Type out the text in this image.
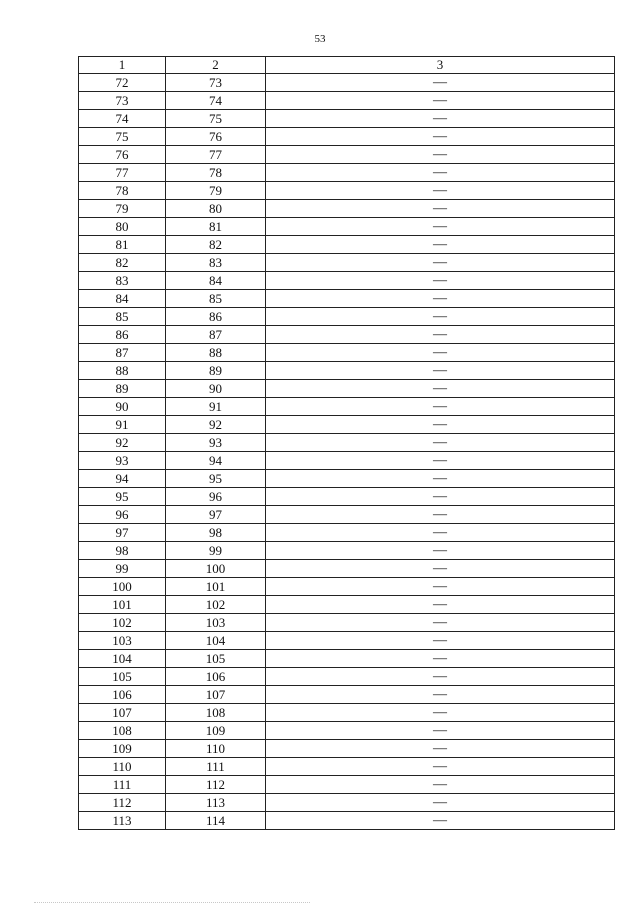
53
1	2	3
72	73	—
73	74	—
74	75	—
75	76	—
76	77	—
77	78	—
78	79	—
79	80	—
80	81	—
81	82	—
82	83	—
83	84	—
84	85	—
85	86	—
86	87	—
87	88	—
88	89	—
89	90	—
90	91	—
91	92	—
92	93	—
93	94	—
94	95	—
95	96	—
96	97	—
97	98	—
98	99	—
99	100	—
100	101	—
101	102	—
102	103	—
103	104	—
104	105	—
105	106	—
106	107	—
107	108	—
108	109	—
109	110	—
110	111	—
111	112	—
112	113	—
113	114	—
